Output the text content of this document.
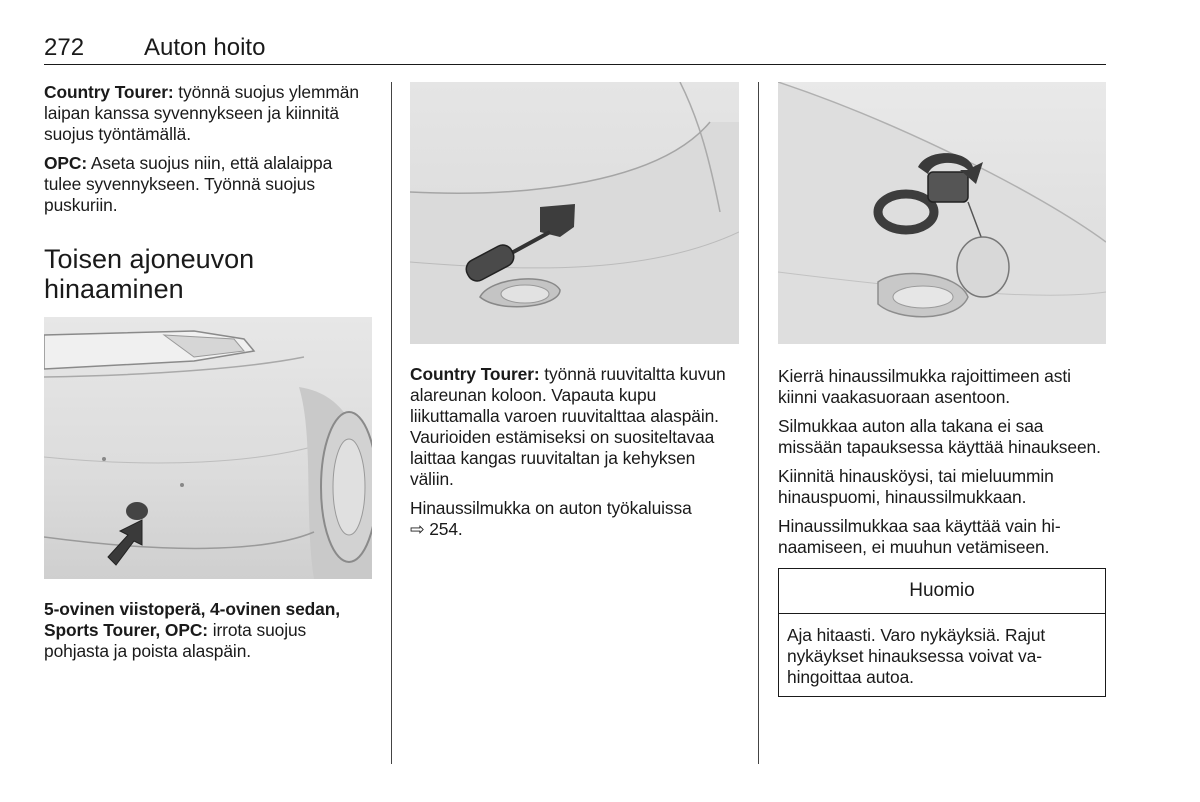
272 Auton hoito

Country Tourer: työnnä suojus ylemmän laipan kanssa syvennykseen ja kiinnitä suojus työntämällä.

OPC: Aseta suojus niin, että alalaippa tulee syvennykseen. Työnnä suojus puskuriin.

Toisen ajoneuvon hinaaminen

5-ovinen viistoperä, 4-ovinen sedan, Sports Tourer, OPC: irrota suojus pohjasta ja poista alaspäin.

Country Tourer: työnnä ruuvitaltta kuvun alareunan koloon. Vapauta kupu liikuttamalla varoen ruuvitalttaa alaspäin. Vaurioiden estämiseksi on suositeltavaa laittaa kangas ruuvitaltan ja kehyksen väliin.

Hinaussilmukka on auton työkaluissa
⇨ 254.

Kierrä hinaussilmukka rajoittimeen asti kiinni vaakasuoraan asentoon.

Silmukkaa auton alla takana ei saa missään tapauksessa käyttää hinaukseen.

Kiinnitä hinausköysi, tai mieluummin hinauspuomi, hinaussilmukkaan.

Hinaussilmukkaa saa käyttää vain hinaamiseen, ei muuhun vetämiseen.

Huomio

Aja hitaasti. Varo nykäyksiä. Rajut nykäykset hinauksessa voivat vahingoittaa autoa.
